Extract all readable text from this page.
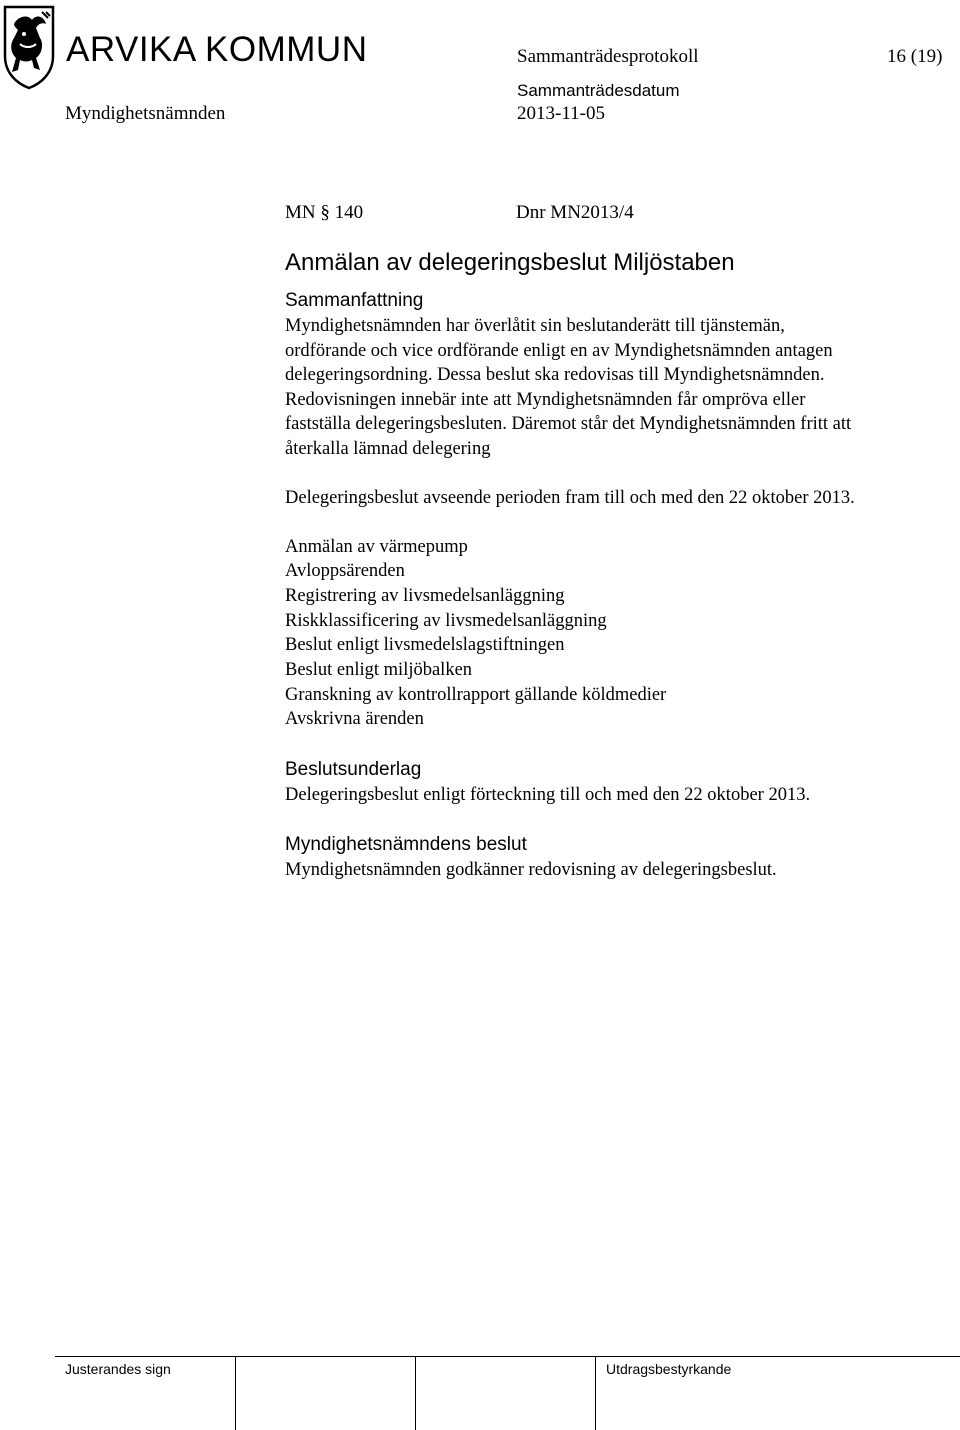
ARVIKA KOMMUN	Sammanträdesprotokoll	16 (19)
Myndighetsnämnden
Sammanträdesdatum
2013-11-05
MN § 140	Dnr MN2013/4
Anmälan av delegeringsbeslut Miljöstaben
Sammanfattning

Myndighetsnämnden har överlåtit sin beslutanderätt till tjänstemän,
ordförande och vice ordförande enligt en av Myndighetsnämnden antagen
delegeringsordning. Dessa beslut ska redovisas till Myndighetsnämnden.
Redovisningen innebär inte att Myndighetsnämnden får ompröva eller
fastställa delegeringsbesluten. Däremot står det Myndighetsnämnden fritt att
återkalla lämnad delegering

Delegeringsbeslut avseende perioden fram till och med den 22 oktober 2013.

Anmälan av värmepump
Avloppsärenden
Registrering av livsmedelsanläggning
Riskklassificering av livsmedelsanläggning
Beslut enligt livsmedelslagstiftningen
Beslut enligt miljöbalken
Granskning av kontrollrapport gällande köldmedier
Avskrivna ärenden
Beslutsunderlag

Delegeringsbeslut enligt förteckning till och med den 22 oktober 2013.

Myndighetsnämndens beslut

Myndighetsnämnden godkänner redovisning av delegeringsbeslut.

Justerandes sign	Utdragsbestyrkande
